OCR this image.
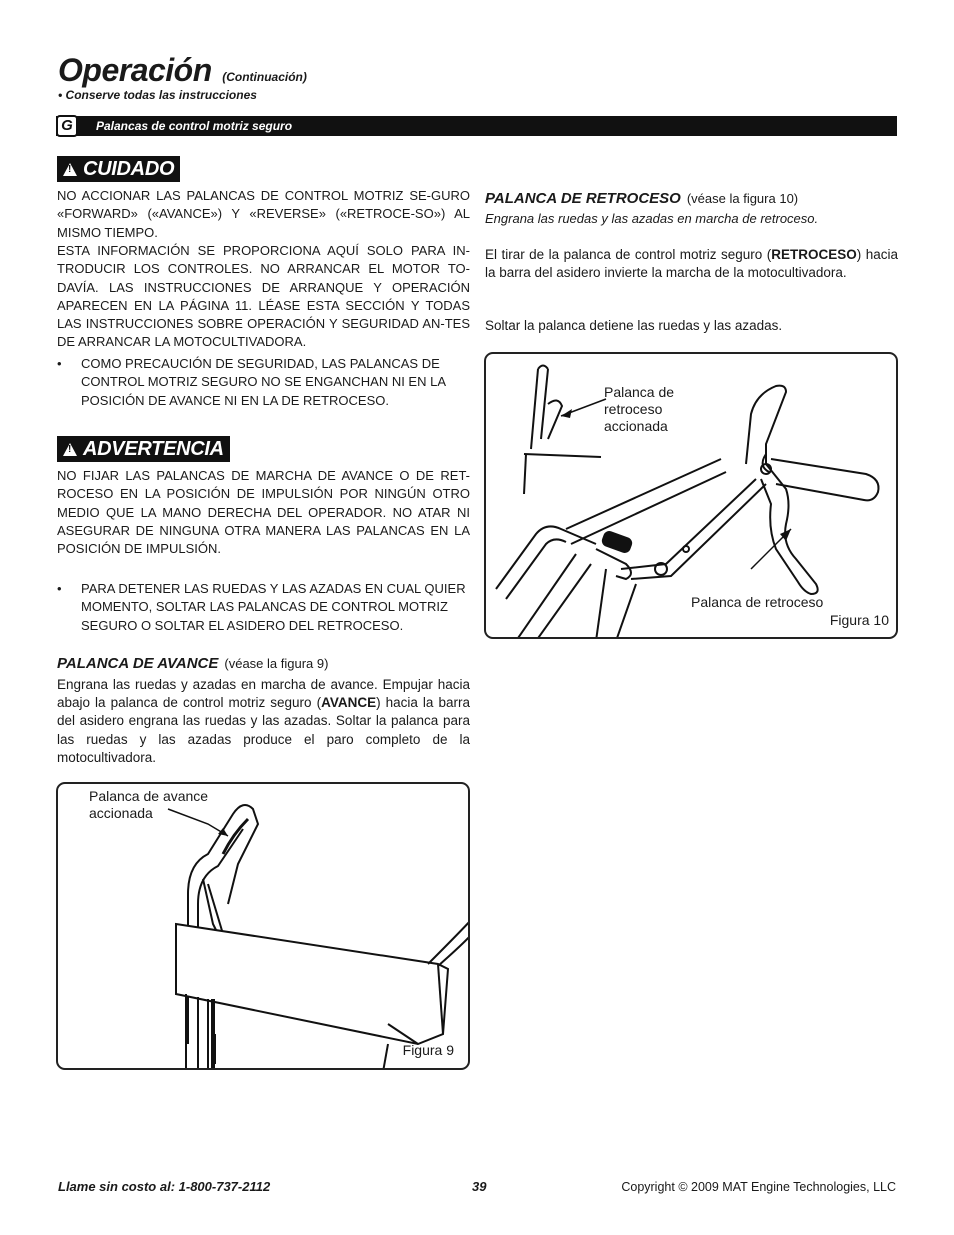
Operación (Continuación)
• Conserve todas las instrucciones
G	Palancas de control motriz seguro
!
CUIDADO
NO ACCIONAR LAS PALANCAS DE CONTROL MOTRIZ SE-GURO «FORWARD» («AVANCE») Y «REVERSE» («RETROCE-SO») AL MISMO TIEMPO.
ESTA INFORMACIÓN SE PROPORCIONA AQUÍ SOLO PARA IN-TRODUCIR LOS CONTROLES. NO ARRANCAR EL MOTOR TO-DAVÍA. LAS INSTRUCCIONES DE ARRANQUE Y OPERACIÓN APARECEN EN LA PÁGINA 11. LÉASE ESTA SECCIÓN Y TODAS LAS INSTRUCCIONES SOBRE OPERACIÓN Y SEGURIDAD AN-TES DE ARRANCAR LA MOTOCULTIVADORA.
• COMO PRECAUCIÓN DE SEGURIDAD, LAS PALANCAS DE CONTROL MOTRIZ SEGURO NO SE ENGANCHAN NI EN LA POSICIÓN DE AVANCE NI EN LA DE RETROCESO.
!
ADVERTENCIA
NO FIJAR LAS PALANCAS DE MARCHA DE AVANCE O DE RET-ROCESO EN LA POSICIÓN DE IMPULSIÓN POR NINGÚN OTRO MEDIO QUE LA MANO DERECHA DEL OPERADOR. NO ATAR NI ASEGURAR DE NINGUNA OTRA MANERA LAS PALANCAS EN LA POSICIÓN DE IMPULSIÓN.
• PARA DETENER LAS RUEDAS Y LAS AZADAS EN CUAL QUIER MOMENTO, SOLTAR LAS PALANCAS DE CONTROL MOTRIZ SEGURO O SOLTAR EL ASIDERO DEL RETROCESO.
PALANCA DE AVANCE (véase la figura 9)
Engrana las ruedas y azadas en marcha de avance. Empujar hacia abajo la palanca de control motriz seguro (AVANCE) hacia la barra del asidero engrana las ruedas y las azadas. Soltar la palanca para las ruedas y las azadas produce el paro completo de la motocultivadora.
Palanca de avance
accionada
Figura 9
PALANCA DE RETROCESO (véase la figura 10)
Engrana las ruedas y las azadas en marcha de retroceso.
El tirar de la palanca de control motriz seguro (RETROCESO) hacia la barra del asidero invierte la marcha de la motocultivadora.
Soltar la palanca detiene las ruedas y las azadas.
Palanca de
retroceso
accionada
Palanca de retroceso
Figura 10
Llame sin costo al: 1-800-737-2112	39	Copyright © 2009 MAT Engine Technologies, LLC
